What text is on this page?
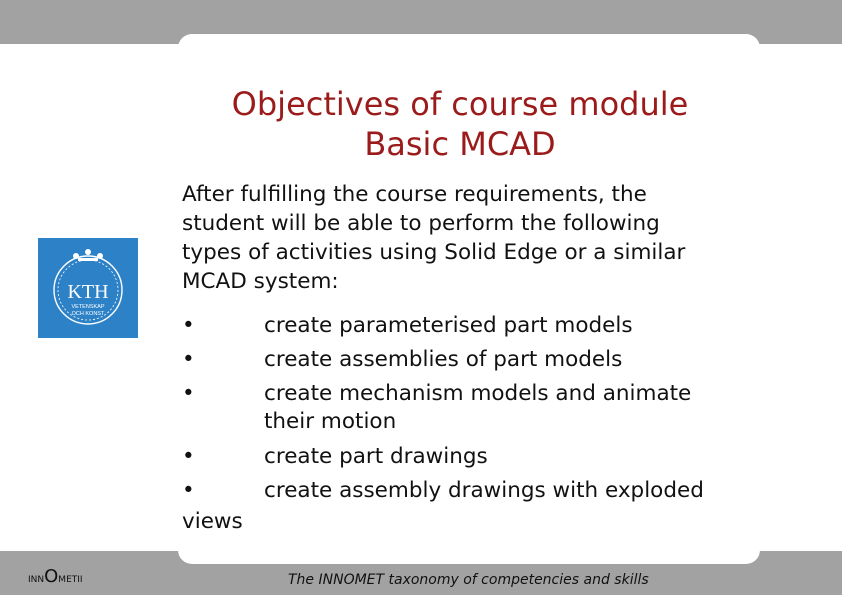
Objectives of course module
Basic MCAD
KTH
VETENSKAP
OCH KONST
After fulfilling the course requirements, the
student will be able to perform the following
types of activities using Solid Edge or a similar
MCAD system:
•	create parameterised part models
•	create assemblies of part models
•	create mechanism models and animate
their motion
•	create part drawings
•	create assembly drawings with exploded
views
INNOMETII	The INNOMET taxonomy of competencies and skills
